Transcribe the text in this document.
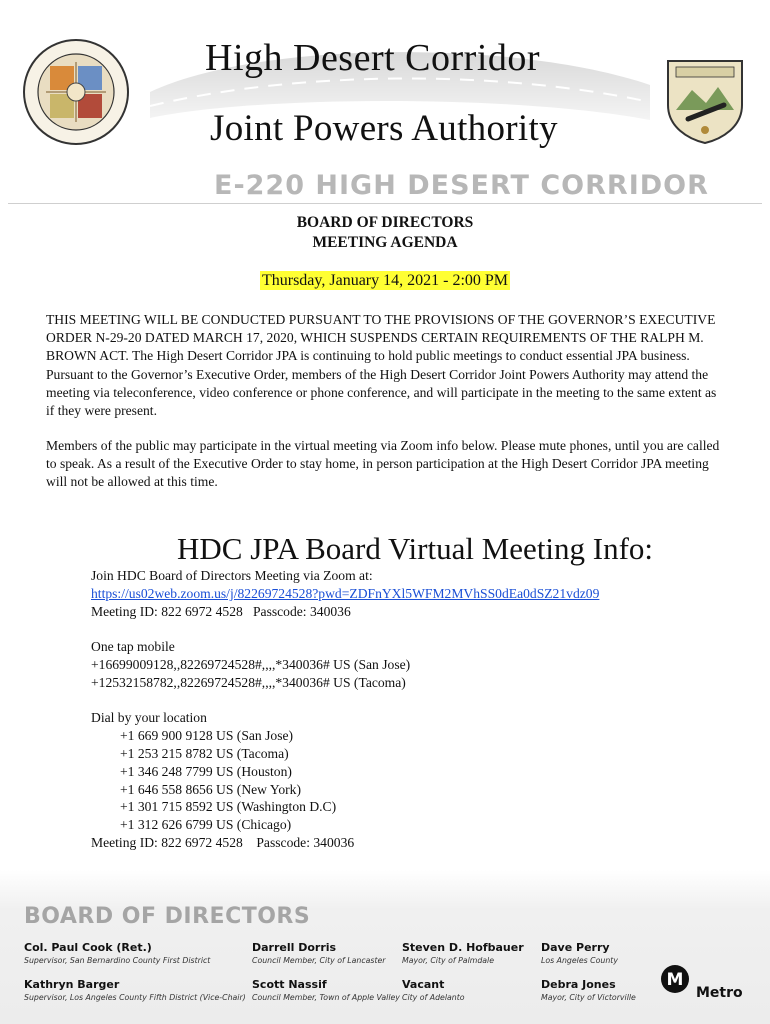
High Desert Corridor
Joint Powers Authority
E-220 HIGH DESERT CORRIDOR
BOARD OF DIRECTORS
MEETING AGENDA
Thursday, January 14, 2021 - 2:00 PM
THIS MEETING WILL BE CONDUCTED PURSUANT TO THE PROVISIONS OF THE GOVERNOR’S EXECUTIVE ORDER N-29-20 DATED MARCH 17, 2020, WHICH SUSPENDS CERTAIN REQUIREMENTS OF THE RALPH M. BROWN ACT. The High Desert Corridor JPA is continuing to hold public meetings to conduct essential JPA business. Pursuant to the Governor’s Executive Order, members of the High Desert Corridor Joint Powers Authority may attend the meeting via teleconference, video conference or phone conference, and will participate in the meeting to the same extent as if they were present.
Members of the public may participate in the virtual meeting via Zoom info below. Please mute phones, until you are called to speak. As a result of the Executive Order to stay home, in person participation at the High Desert Corridor JPA meeting will not be allowed at this time.
HDC JPA Board Virtual Meeting Info:
Join HDC Board of Directors Meeting via Zoom at:
https://us02web.zoom.us/j/82269724528?pwd=ZDFnYXl5WFM2MVhSS0dEa0dSZ21vdz09
Meeting ID: 822 6972 4528   Passcode: 340036
One tap mobile
+16699009128,,82269724528#,,,,*340036# US (San Jose)
+12532158782,,82269724528#,,,,*340036# US (Tacoma)
Dial by your location
+1 669 900 9128 US (San Jose)
+1 253 215 8782 US (Tacoma)
+1 346 248 7799 US (Houston)
+1 646 558 8656 US (New York)
+1 301 715 8592 US (Washington D.C)
+1 312 626 6799 US (Chicago)
Meeting ID: 822 6972 4528    Passcode: 340036
BOARD OF DIRECTORS
Col. Paul Cook (Ret.)
Supervisor, San Bernardino County First District
Darrell Dorris
Council Member, City of Lancaster
Steven D. Hofbauer
Mayor, City of Palmdale
Dave Perry
Los Angeles County
Kathryn Barger
Supervisor, Los Angeles County Fifth District (Vice-Chair)
Scott Nassif
Council Member, Town of Apple Valley
Vacant
City of Adelanto
Debra Jones
Mayor, City of Victorville
M
Metro
